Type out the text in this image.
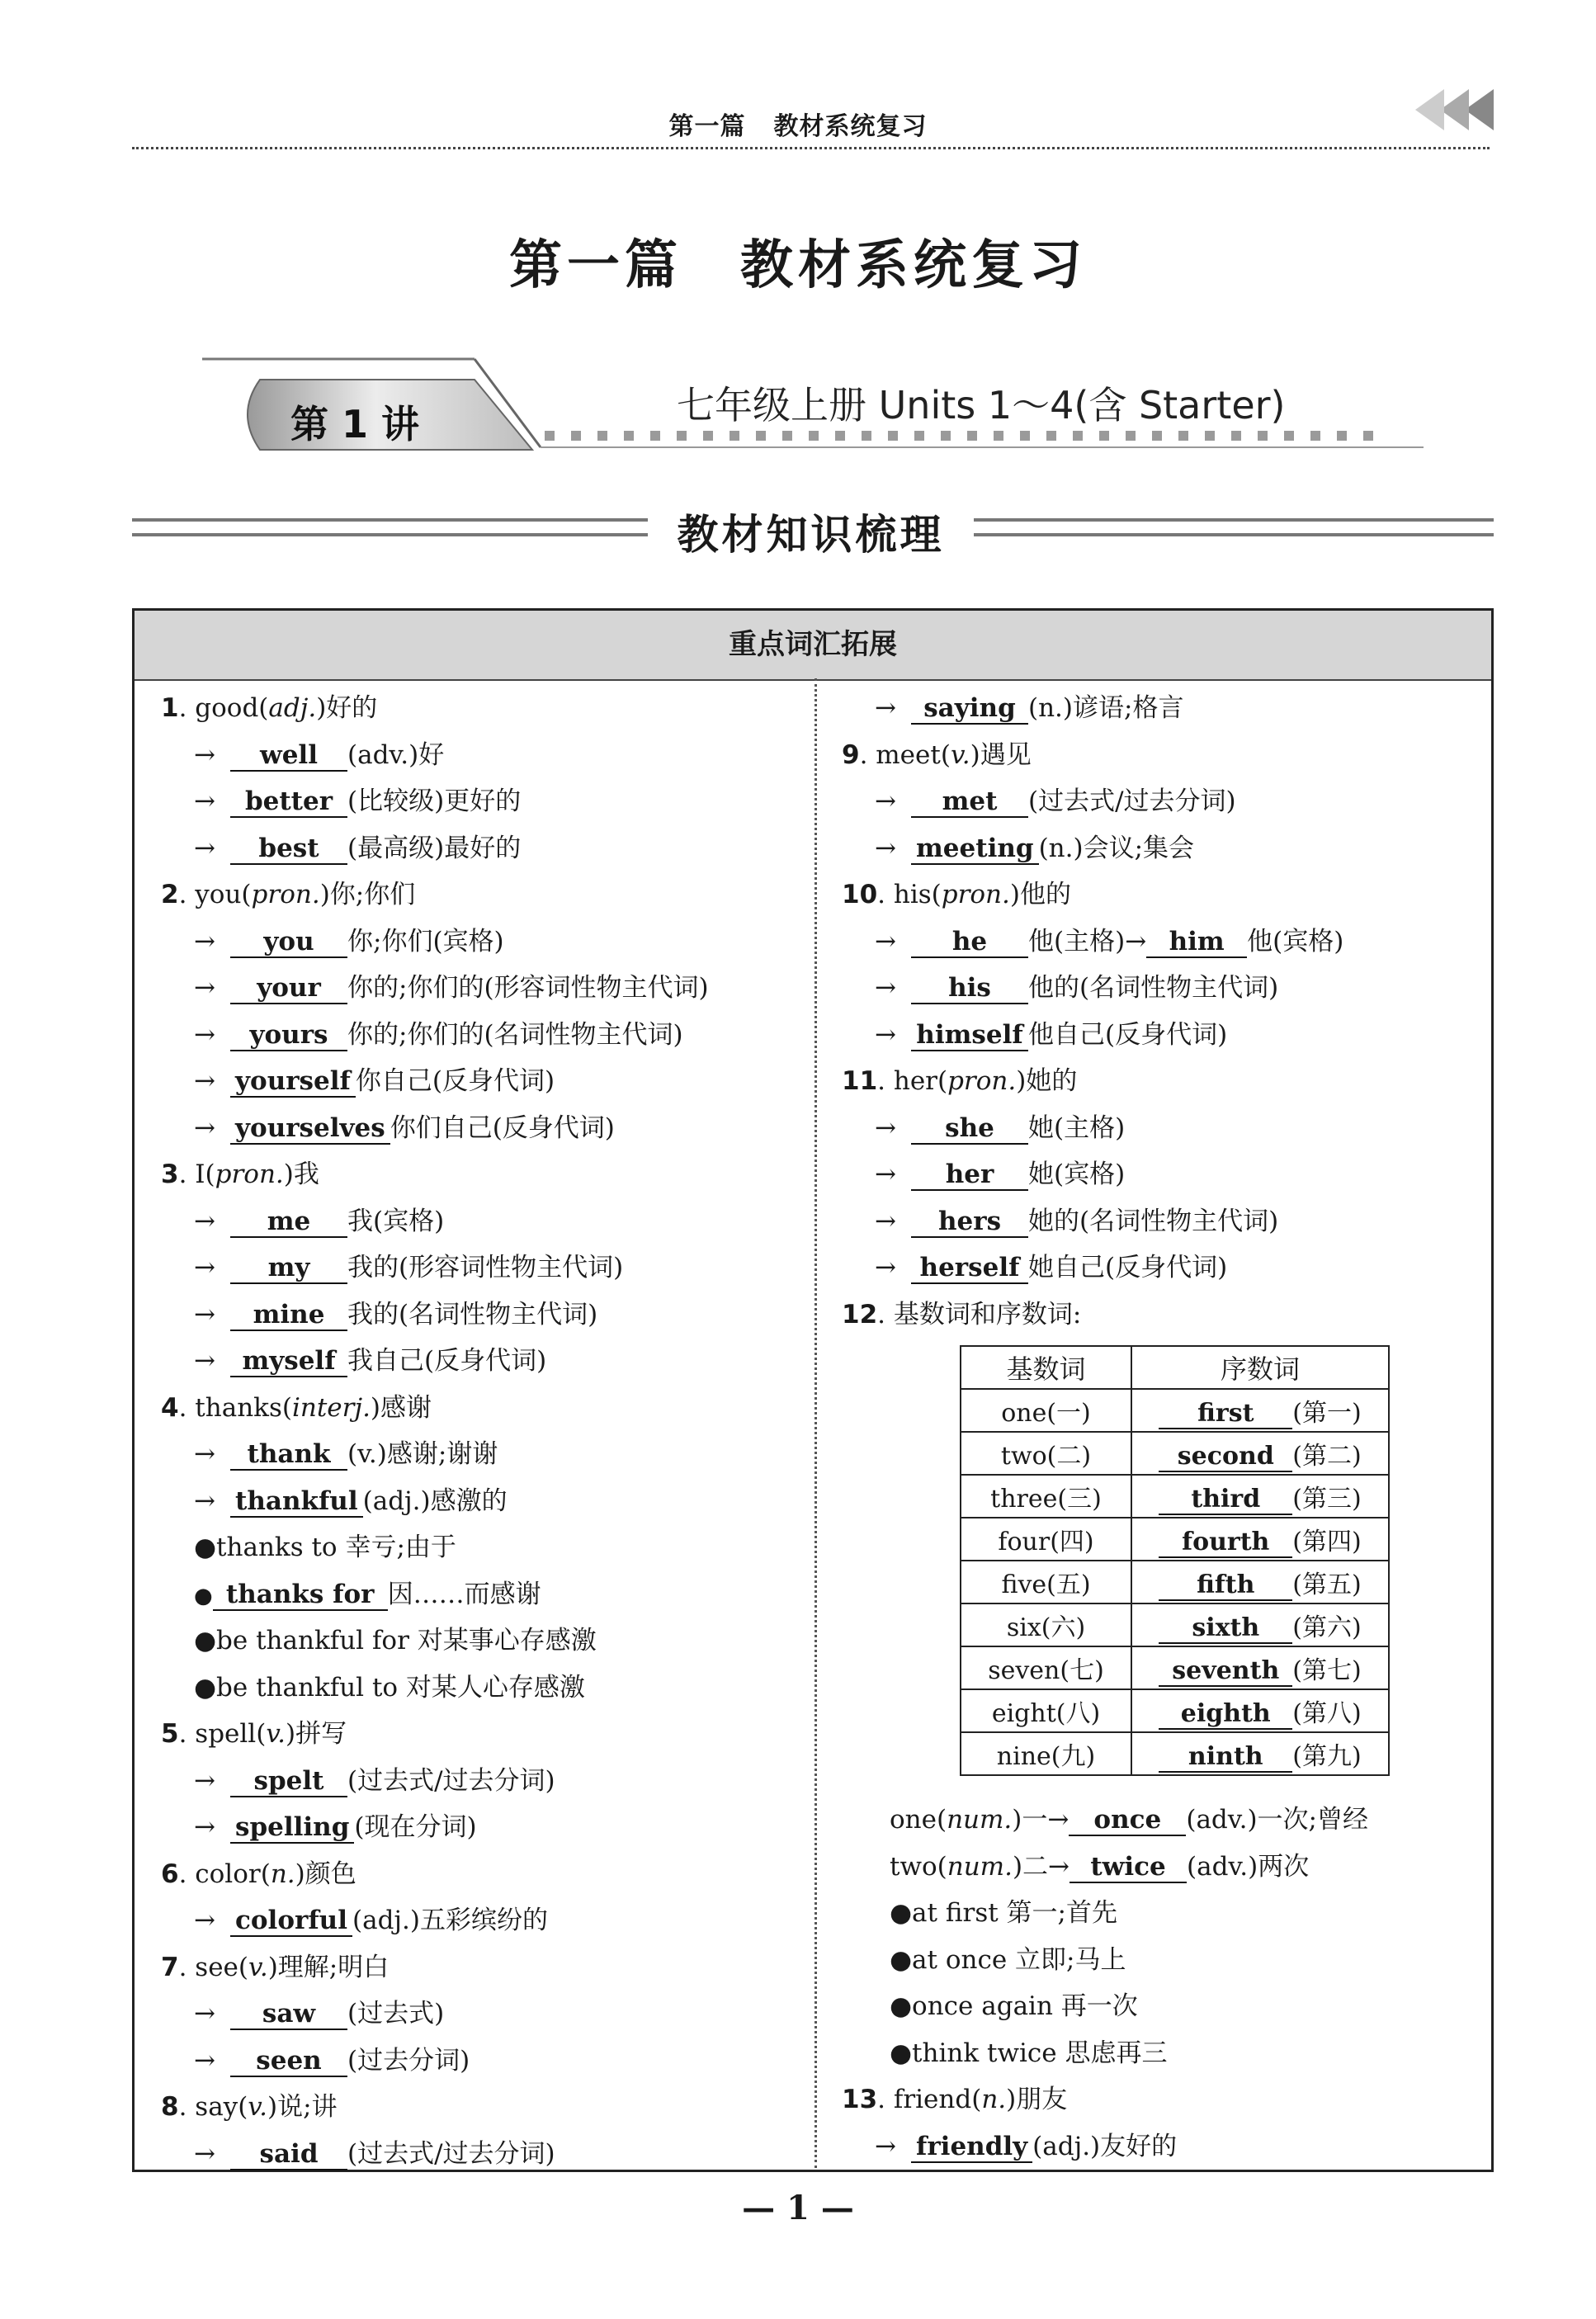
第一篇 教材系统复习
第一篇 教材系统复习
第 1 讲	七年级上册 Units 1～4(含 Starter)
教材知识梳理
重点词汇拓展
1. good(adj.)好的
→ well (adv.)好
→ better (比较级)更好的
→ best (最高级)最好的
2. you(pron.)你;你们
→ you 你;你们(宾格)
→ your 你的;你们的(形容词性物主代词)
→ yours 你的;你们的(名词性物主代词)
→ yourself 你自己(反身代词)
→ yourselves 你们自己(反身代词)
3. I(pron.)我
→ me 我(宾格)
→ my 我的(形容词性物主代词)
→ mine 我的(名词性物主代词)
→ myself 我自己(反身代词)
4. thanks(interj.)感谢
→ thank (v.)感谢;谢谢
→ thankful (adj.)感激的
●thanks to 幸亏;由于
● thanks for 因……而感谢
●be thankful for 对某事心存感激
●be thankful to 对某人心存感激
5. spell(v.)拼写
→ spelt (过去式/过去分词)
→ spelling (现在分词)
6. color(n.)颜色
→ colorful (adj.)五彩缤纷的
7. see(v.)理解;明白
→ saw (过去式)
→ seen (过去分词)
8. say(v.)说;讲
→ said (过去式/过去分词)
→ saying (n.)谚语;格言
9. meet(v.)遇见
→ met (过去式/过去分词)
→ meeting (n.)会议;集会
10. his(pron.)他的
→ he 他(主格)→ him 他(宾格)
→ his 他的(名词性物主代词)
→ himself 他自己(反身代词)
11. her(pron.)她的
→ she 她(主格)
→ her 她(宾格)
→ hers 她的(名词性物主代词)
→ herself 她自己(反身代词)
12. 基数词和序数词:
one(num.)一→ once (adv.)一次;曾经
two(num.)二→ twice (adv.)两次
●at first 第一;首先
●at once 立即;马上
●once again 再一次
●think twice 思虑再三
13. friend(n.)朋友
→ friendly (adj.)友好的
基数词	序数词
one(一)	first (第一)
two(二)	second (第二)
three(三)	third (第三)
four(四)	fourth (第四)
five(五)	fifth (第五)
six(六)	sixth (第六)
seven(七)	seventh (第七)
eight(八)	eighth (第八)
nine(九)	ninth (第九)
— 1 —
